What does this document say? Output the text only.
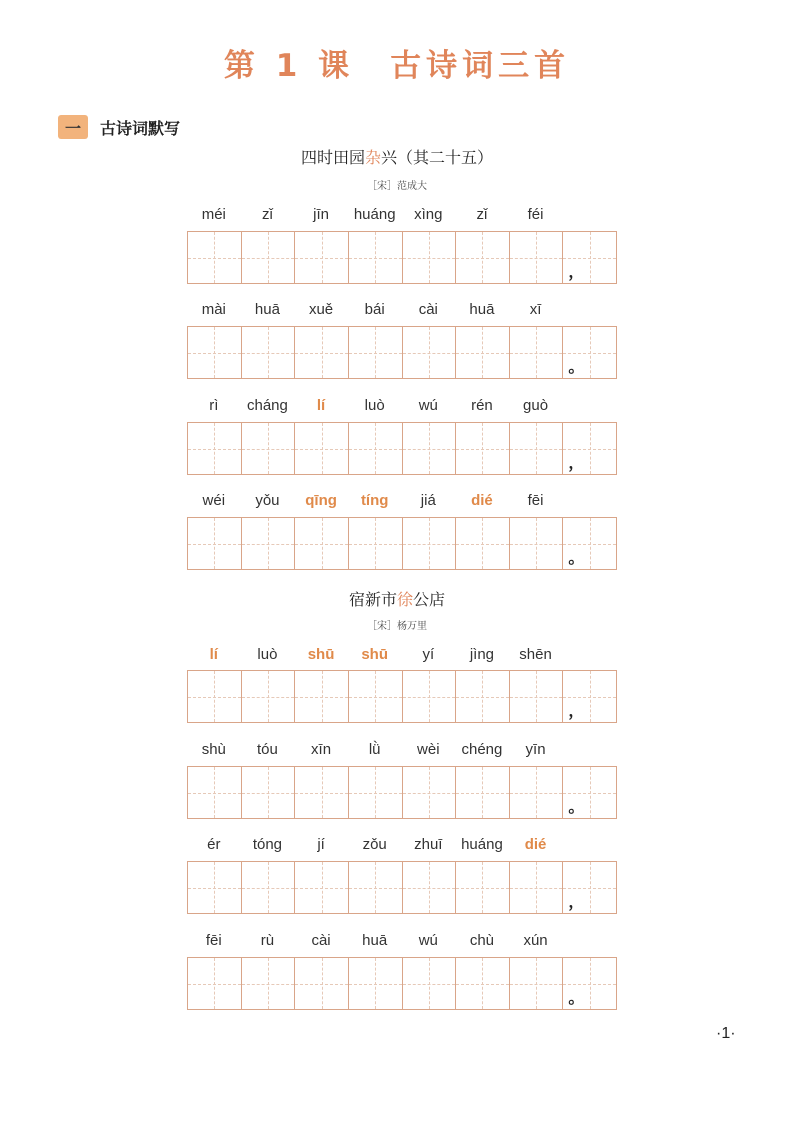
第 1 课 古诗词三首
一	古诗词默写
四时田园杂兴（其二十五）
［宋］范成大
méi	zǐ	jīn	huáng	xìng	zǐ	féi
，
mài	huā	xuě	bái	cài	huā	xī
。
rì	cháng	lí	luò	wú	rén	guò
，
wéi	yǒu	qīng	tíng	jiá	dié	fēi
。
宿新市徐公店
［宋］杨万里
lí	luò	shū	shū	yí	jìng	shēn
，
shù	tóu	xīn	lǜ	wèi	chéng	yīn
。
ér	tóng	jí	zǒu	zhuī	huáng	dié
，
fēi	rù	cài	huā	wú	chù	xún
。
·1·
